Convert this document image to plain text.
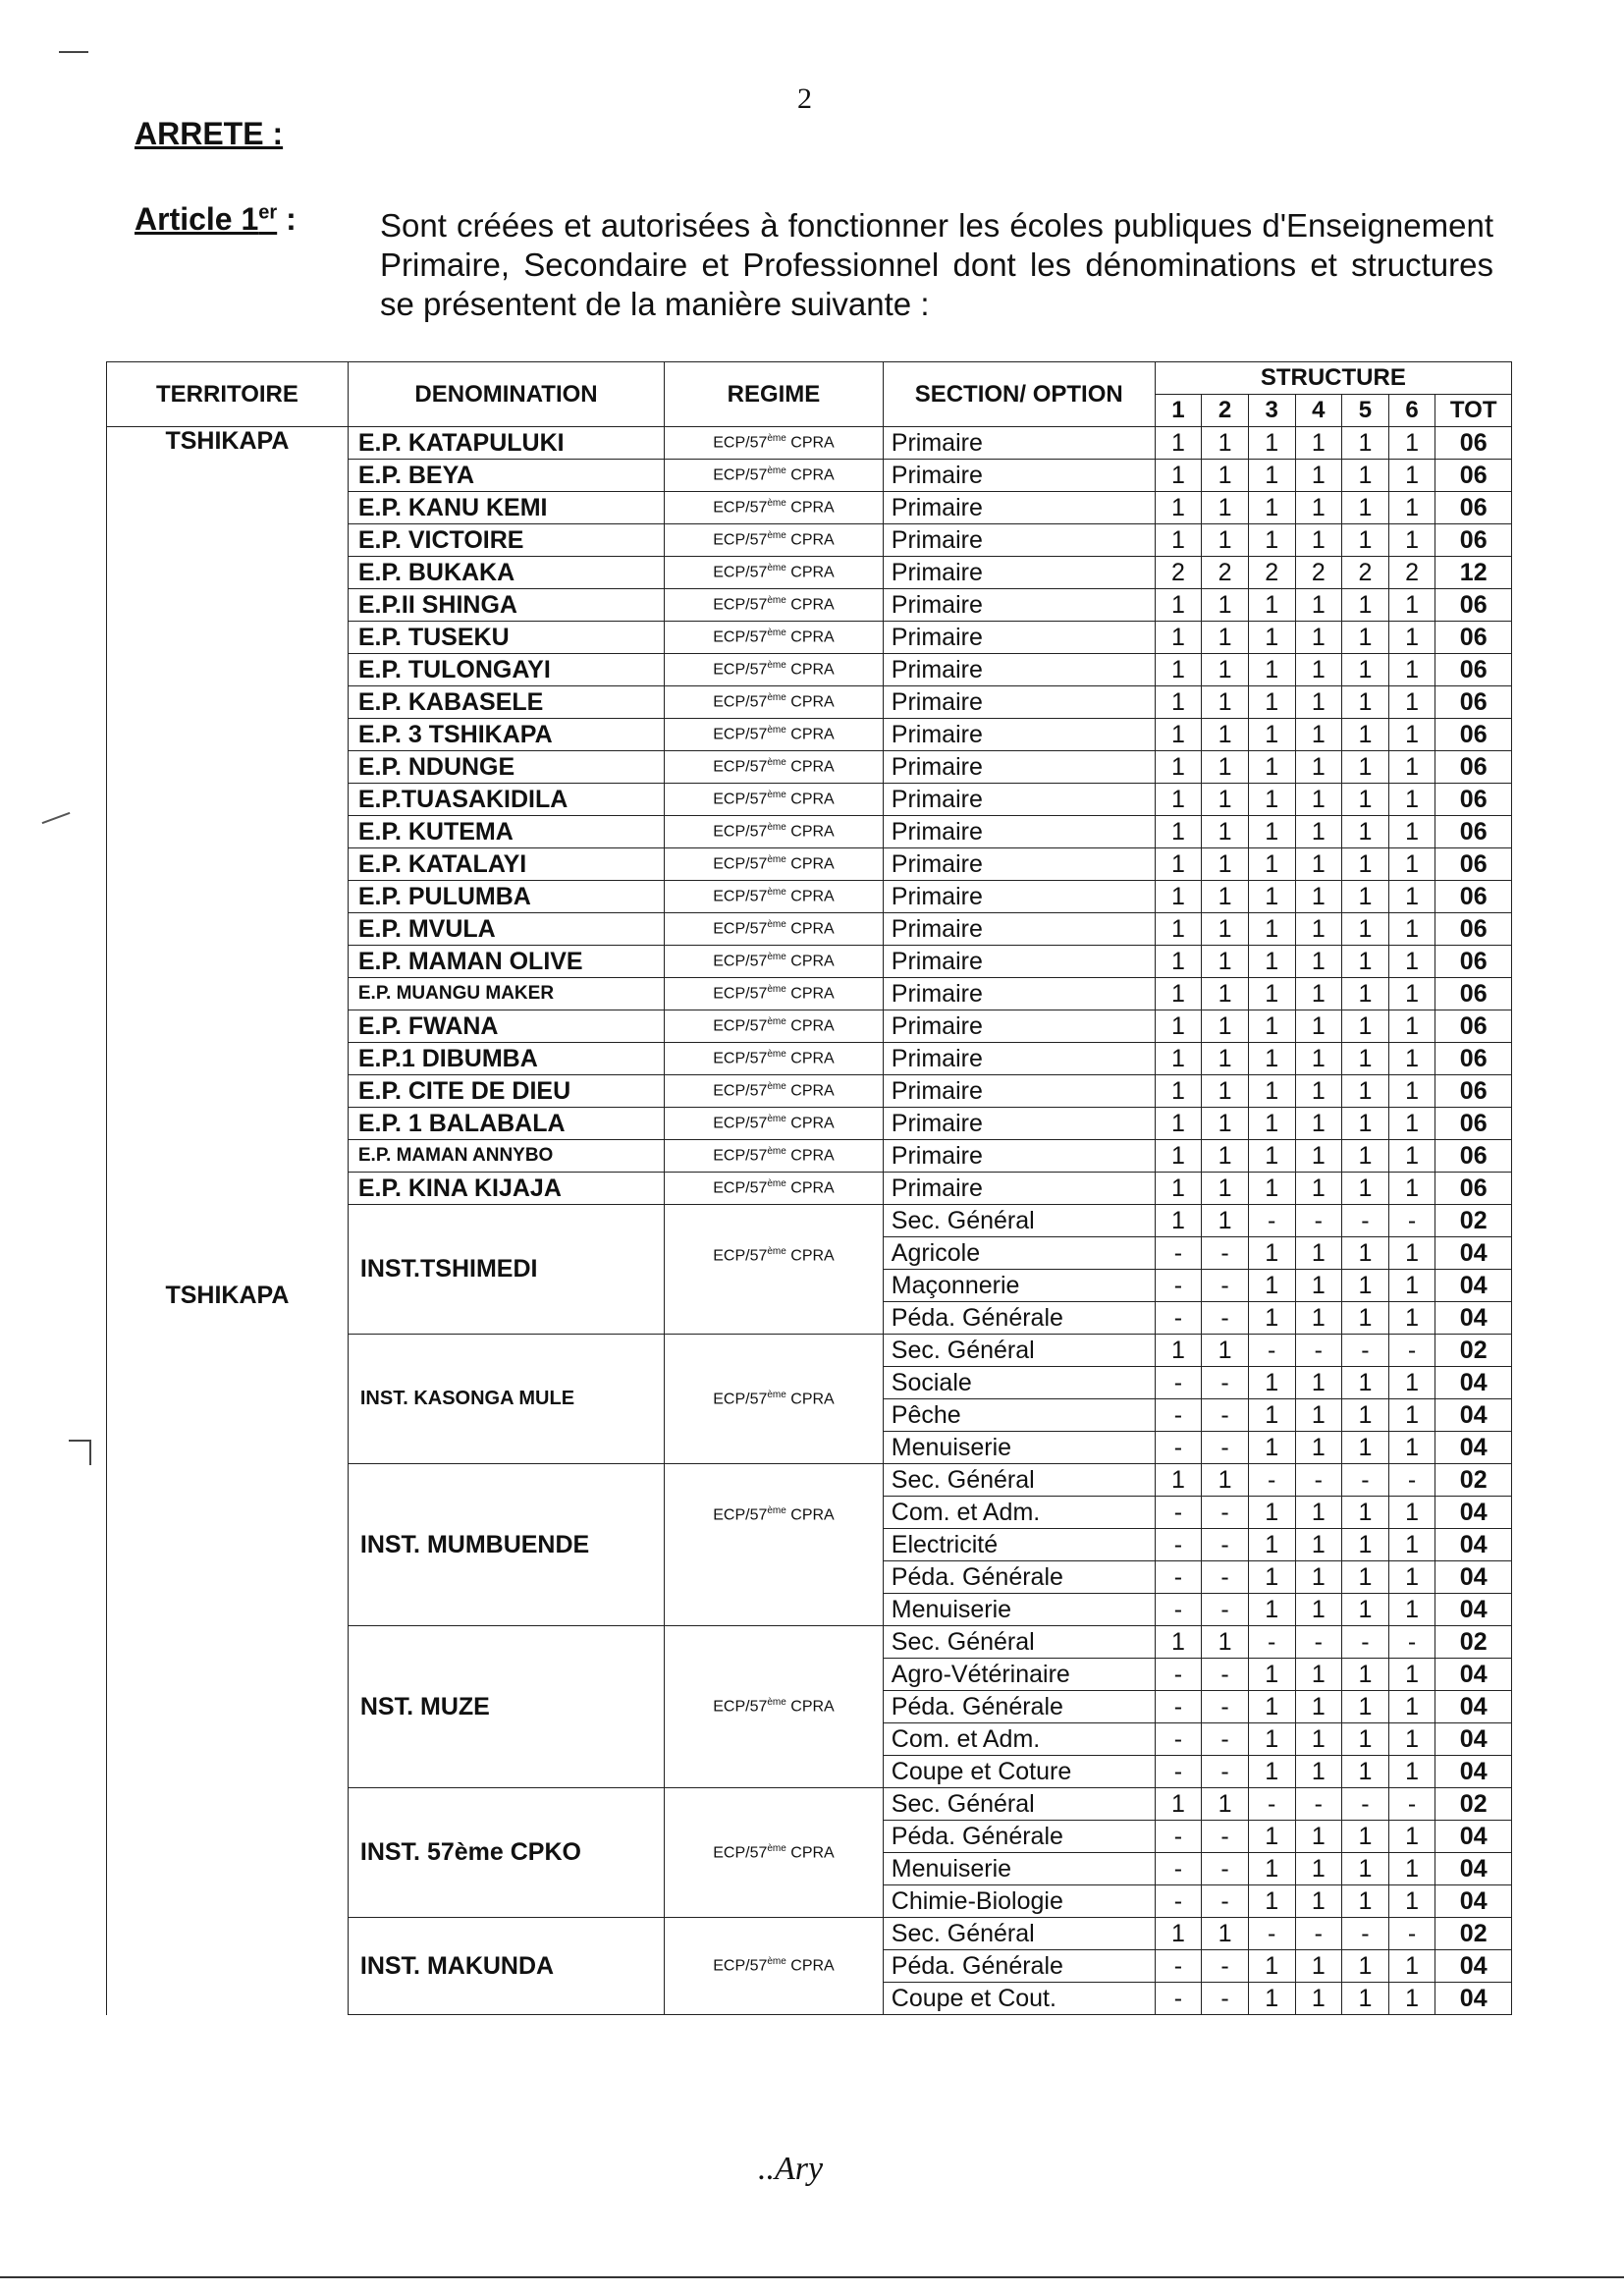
2
ARRETE :
Article 1er :	Sont créées et autorisées à fonctionner les écoles publiques d'Enseignement Primaire, Secondaire et Professionnel dont les dénominations et structures se présentent de la manière suivante :
TERRITOIRE	DENOMINATION	REGIME	SECTION/ OPTION	STRUCTURE						
				1	2	3	4	5	6	TOT
TSHIKAPA	E.P. KATAPULUKI	ECP/57ème CPRA	Primaire	1	1	1	1	1	1	06
	E.P. BEYA	ECP/57ème CPRA	Primaire	1	1	1	1	1	1	06
	E.P. KANU KEMI	ECP/57ème CPRA	Primaire	1	1	1	1	1	1	06
	E.P. VICTOIRE	ECP/57ème CPRA	Primaire	1	1	1	1	1	1	06
	E.P. BUKAKA	ECP/57ème CPRA	Primaire	2	2	2	2	2	2	12
	E.P.II SHINGA	ECP/57ème CPRA	Primaire	1	1	1	1	1	1	06
	E.P. TUSEKU	ECP/57ème CPRA	Primaire	1	1	1	1	1	1	06
	E.P. TULONGAYI	ECP/57ème CPRA	Primaire	1	1	1	1	1	1	06
	E.P. KABASELE	ECP/57ème CPRA	Primaire	1	1	1	1	1	1	06
	E.P. 3 TSHIKAPA	ECP/57ème CPRA	Primaire	1	1	1	1	1	1	06
	E.P. NDUNGE	ECP/57ème CPRA	Primaire	1	1	1	1	1	1	06
	E.P.TUASAKIDILA	ECP/57ème CPRA	Primaire	1	1	1	1	1	1	06
	E.P. KUTEMA	ECP/57ème CPRA	Primaire	1	1	1	1	1	1	06
	E.P. KATALAYI	ECP/57ème CPRA	Primaire	1	1	1	1	1	1	06
	E.P. PULUMBA	ECP/57ème CPRA	Primaire	1	1	1	1	1	1	06
	E.P. MVULA	ECP/57ème CPRA	Primaire	1	1	1	1	1	1	06
	E.P. MAMAN OLIVE	ECP/57ème CPRA	Primaire	1	1	1	1	1	1	06
	E.P. MUANGU MAKER	ECP/57ème CPRA	Primaire	1	1	1	1	1	1	06
	E.P. FWANA	ECP/57ème CPRA	Primaire	1	1	1	1	1	1	06
	E.P.1 DIBUMBA	ECP/57ème CPRA	Primaire	1	1	1	1	1	1	06
	E.P. CITE DE DIEU	ECP/57ème CPRA	Primaire	1	1	1	1	1	1	06
	E.P. 1 BALABALA	ECP/57ème CPRA	Primaire	1	1	1	1	1	1	06
	E.P. MAMAN ANNYBO	ECP/57ème CPRA	Primaire	1	1	1	1	1	1	06
	E.P. KINA KIJAJA	ECP/57ème CPRA	Primaire	1	1	1	1	1	1	06

TSHIKAPA	INST.TSHIMEDI	ECP/57ème CPRA	Sec. Général	1	1	-	-	-	-	02
			Agricole	-	-	1	1	1	1	04
			Maçonnerie	-	-	1	1	1	1	04
			Péda. Générale	-	-	1	1	1	1	04
	INST. KASONGA MULE	ECP/57ème CPRA	Sec. Général	1	1	-	-	-	-	02
			Sociale	-	-	1	1	1	1	04
			Pêche	-	-	1	1	1	1	04
			Menuiserie	-	-	1	1	1	1	04
	INST. MUMBUENDE	ECP/57ème CPRA	Sec. Général	1	1	-	-	-	-	02
			Com. et Adm.	-	-	1	1	1	1	04
			Electricité	-	-	1	1	1	1	04
			Péda. Générale	-	-	1	1	1	1	04
			Menuiserie	-	-	1	1	1	1	04
	NST. MUZE	ECP/57ème CPRA	Sec. Général	1	1	-	-	-	-	02
			Agro-Vétérinaire	-	-	1	1	1	1	04
			Péda. Générale	-	-	1	1	1	1	04
			Com. et Adm.	-	-	1	1	1	1	04
			Coupe et Coture	-	-	1	1	1	1	04
	INST. 57ème CPKO	ECP/57ème CPRA	Sec. Général	1	1	-	-	-	-	02
			Péda. Générale	-	-	1	1	1	1	04
			Menuiserie	-	-	1	1	1	1	04
			Chimie-Biologie	-	-	1	1	1	1	04
	INST. MAKUNDA	ECP/57ème CPRA	Sec. Général	1	1	-	-	-	-	02
			Péda. Générale	-	-	1	1	1	1	04
			Coupe et Cout.	-	-	1	1	1	1	04
..Ary
